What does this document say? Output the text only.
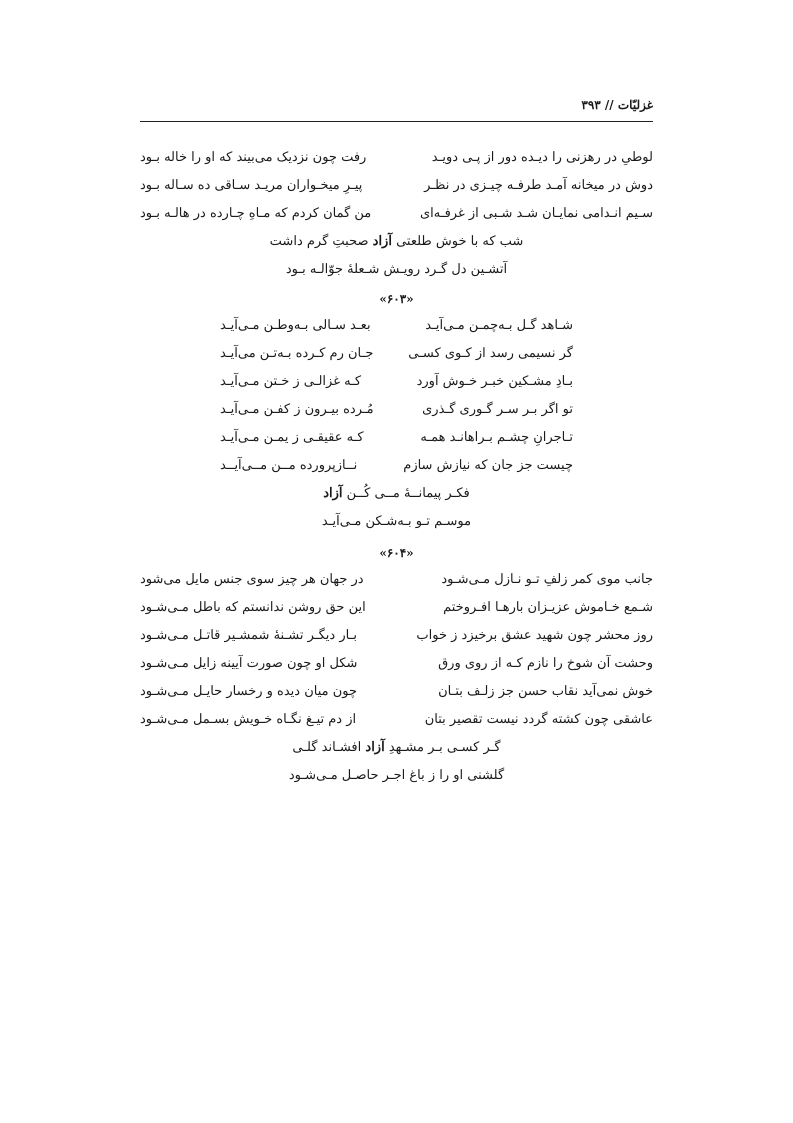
غزلیّات // ۳۹۳
لوطیِ در رهزنی را دیـده دور از پـی دویـد
رفت چون نزدیک می‌بیند که او را خاله بـود
دوش در میخانه آمـد طرفـه چیـزی در نظـر
پیـرِ میخـواران مریـد سـاقی ده سـاله بـود
سـیم انـدامی نمایـان شـد شـبی از غرفـه‌ای
من گمان کردم که مـاهِ چـارده در هالـه بـود
شب که با خوش طلعتی آزاد صحبتِ گرم داشت
آتشـین دل گـرد رویـش شـعلهٔ جوّالـه بـود
«۶۰۳»
شـاهد گـل بـه‌چمـن مـی‌آیـد
بعـد سـالی بـه‌وطـن مـی‌آیـد
گر نسیمی رسد از کـوی کسـی
جـان رم کـرده بـه‌تـن می‌آیـد
بـادِ مشـکین خبـر خـوش آورد
کـه غزالـی ز خـتن مـی‌آیـد
تو اگر بـر سـر گـوری گـذری
مُـرده بیـرون ز کفـن مـی‌آیـد
تـاجرانِ چشـم بـراهانـد همـه
کـه عقیقـی ز یمـن مـی‌آیـد
چیست جز جان که نیازش سازم
نــازپرورده مــن مــی‌آیــد
فکـر پیمانــهٔ مــی کُــن آزاد
موسـم تـو بـه‌شـکن مـی‌آیـد
«۶۰۴»
جانب موی کمر زلفِ تـو نـازل مـی‌شـود
در جهان هر چیز سوی جنس مایل می‌شود
شـمع خـاموش عزیـزان بارهـا افـروختم
این حق روشن ندانستم که باطل مـی‌شـود
روز محشر چون شهید عشق برخیزد ز خواب
بـار دیگـر تشـنهٔ شمشـیر قاتـل مـی‌شـود
وحشت آن شوخ را نازم کـه از روی ورق
شکل او چون صورت آیینه زایل مـی‌شـود
خوش نمی‌آید نقاب حسن جز زلـف بتـان
چون میان دیده و رخسار حایـل مـی‌شـود
عاشقی چون کشته گردد نیست تقصیر بتان
از دم تیـغ نگـاه خـویش بسـمل مـی‌شـود
گـر کسـی بـر مشـهدِ آزاد افشـاند گلـی
گلشنی او را ز باغ اجـر حاصـل مـی‌شـود
